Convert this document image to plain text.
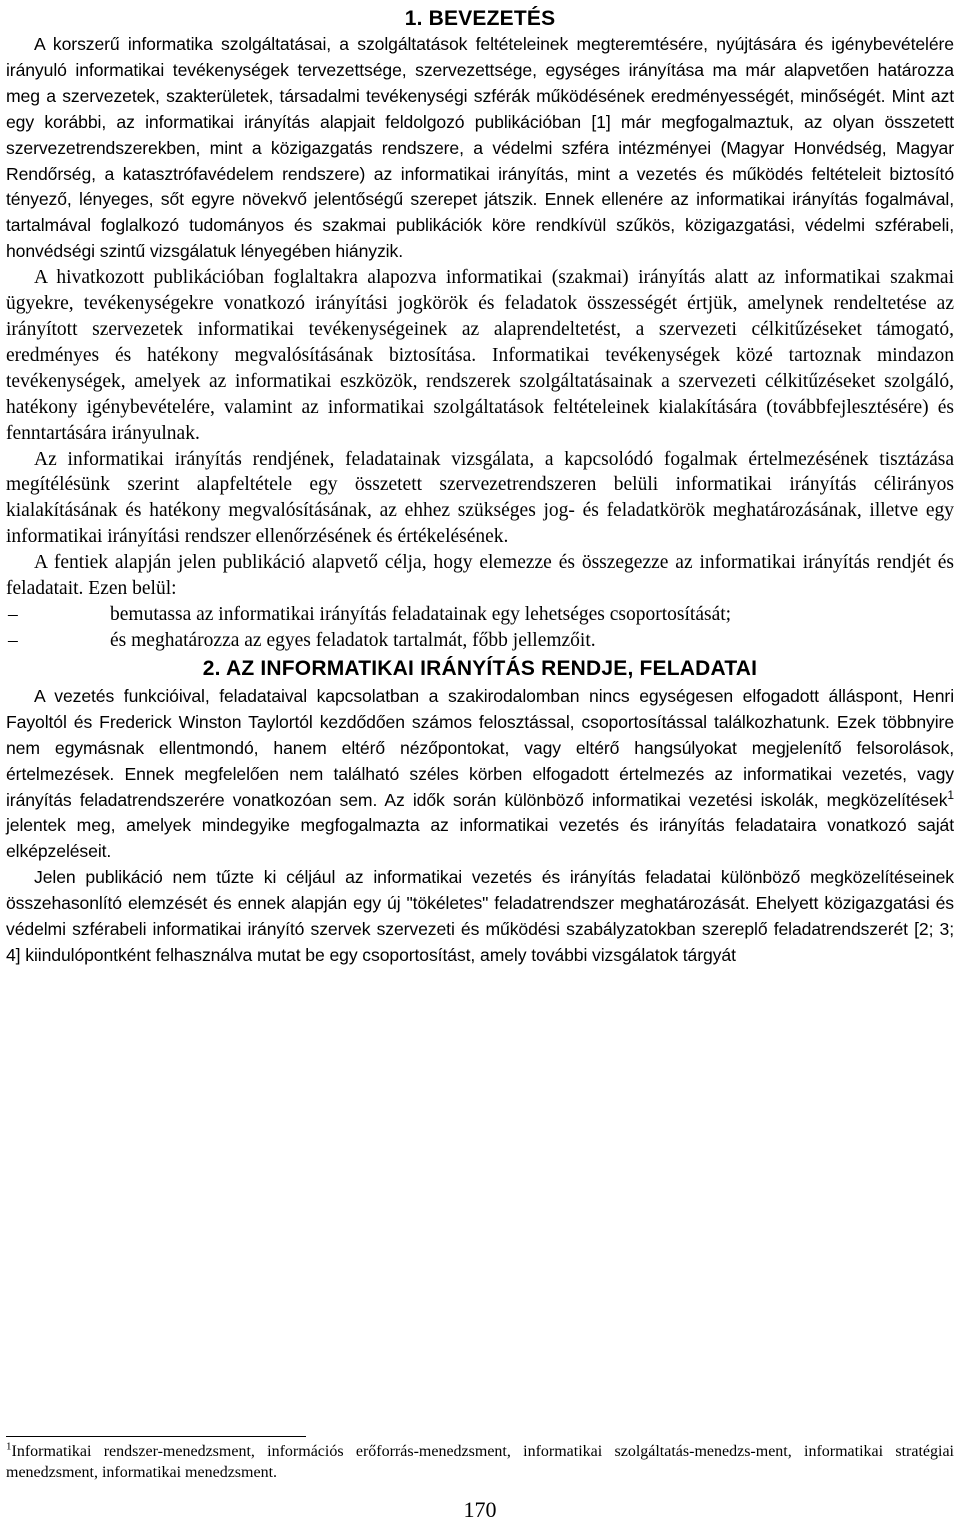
1. BEVEZETÉS

A korszerű informatika szolgáltatásai, a szolgáltatások feltételeinek megteremtésére, nyújtására és igénybevételére irányuló informatikai tevékenységek tervezettsége, szervezettsége, egységes irányítása ma már alapvetően határozza meg a szervezetek, szakterületek, társadalmi tevékenységi szférák működésének eredményességét, minőségét. Mint azt egy korábbi, az informatikai irányítás alapjait feldolgozó publikációban [1] már megfogalmaztuk, az olyan összetett szervezetrendszerekben, mint a közigazgatás rendszere, a védelmi szféra intézményei (Magyar Honvédség, Magyar Rendőrség, a katasztrófavédelem rendszere) az informatikai irányítás, mint a vezetés és működés feltételeit biztosító tényező, lényeges, sőt egyre növekvő jelentőségű szerepet játszik. Ennek ellenére az informatikai irányítás fogalmával, tartalmával foglalkozó tudományos és szakmai publikációk köre rendkívül szűkös, közigazgatási, védelmi szférabeli, honvédségi szintű vizsgálatuk lényegében hiányzik.

A hivatkozott publikációban foglaltakra alapozva informatikai (szakmai) irányítás alatt az informatikai szakmai ügyekre, tevékenységekre vonatkozó irányítási jogkörök és feladatok összességét értjük, amelynek rendeltetése az irányított szervezetek informatikai tevékenységeinek az alaprendeltetést, a szervezeti célkitűzéseket támogató, eredményes és hatékony megvalósításának biztosítása. Informatikai tevékenységek közé tartoznak mindazon tevékenységek, amelyek az informatikai eszközök, rendszerek szolgáltatásainak a szervezeti célkitűzéseket szolgáló, hatékony igénybevételére, valamint az informatikai szolgáltatások feltételeinek kialakítására (továbbfejlesztésére) és fenntartására irányulnak.

Az informatikai irányítás rendjének, feladatainak vizsgálata, a kapcsolódó fogalmak értelmezésének tisztázása megítélésünk szerint alapfeltétele egy összetett szervezetrendszeren belüli informatikai irányítás célirányos kialakításának és hatékony megvalósításának, az ehhez szükséges jog- és feladatkörök meghatározásának, illetve egy informatikai irányítási rendszer ellenőrzésének és értékelésének.

A fentiek alapján jelen publikáció alapvető célja, hogy elemezze és összegezze az informatikai irányítás rendjét és feladatait. Ezen belül:

–	bemutassa az informatikai irányítás feladatainak egy lehetséges csoportosítását;
–	és meghatározza az egyes feladatok tartalmát, főbb jellemzőit.
2. AZ INFORMATIKAI IRÁNYÍTÁS RENDJE, FELADATAI

A vezetés funkcióival, feladataival kapcsolatban a szakirodalomban nincs egységesen elfogadott álláspont, Henri Fayoltól és Frederick Winston Taylortól kezdődően számos felosztással, csoportosítással találkozhatunk. Ezek többnyire nem egymásnak ellentmondó, hanem eltérő nézőpontokat, vagy eltérő hangsúlyokat megjelenítő felsorolások, értelmezések. Ennek megfelelően nem található széles körben elfogadott értelmezés az informatikai vezetés, vagy irányítás feladatrendszerére vonatkozóan sem. Az idők során különböző informatikai vezetési iskolák, megközelítések$^1$ jelentek meg, amelyek mindegyike megfogalmazta az informatikai vezetés és irányítás feladataira vonatkozó saját elképzeléseit.

Jelen publikáció nem tűzte ki céljául az informatikai vezetés és irányítás feladatai különböző megközelítéseinek összehasonlító elemzését és ennek alapján egy új "tökéletes" feladatrendszer meghatározását. Ehelyett közigazgatási és védelmi szférabeli informatikai irányító szervek szervezeti és működési szabályzatokban szereplő feladatrendszerét [2; 3; 4] kiindulópontként felhasználva mutat be egy csoportosítást, amely további vizsgálatok tárgyát

$^1$Informatikai rendszer-menedzsment, információs erőforrás-menedzsment, informatikai szolgáltatás-menedzs-ment, informatikai stratégiai menedzsment, informatikai menedzsment.
170
